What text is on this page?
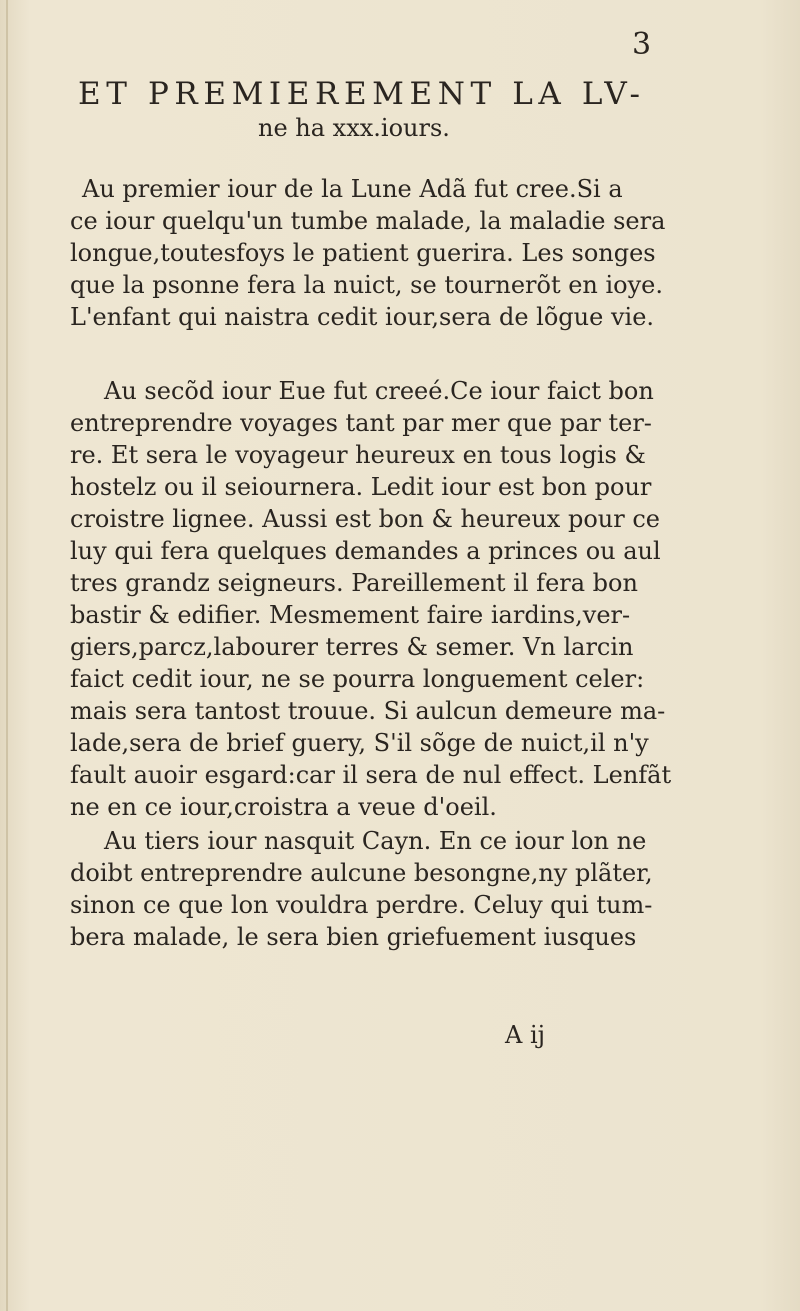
3
ET PREMIEREMENT LA LV-
ne ha xxx.iours.
Au premier iour de la Lune Adã fut cree.Si a
ce iour quelqu'un tumbe malade, la maladie sera
longue,toutesfoys le patient guerira. Les songes
que la psonne fera la nuict, se tournerõt en ioye.
L'enfant qui naistra cedit iour,sera de lõgue vie.
Au secõd iour Eue fut creeé.Ce iour faict bon
entreprendre voyages tant par mer que par ter-
re. Et sera le voyageur heureux en tous logis &
hostelz ou il seiournera. Ledit iour est bon pour
croistre lignee. Aussi est bon & heureux pour ce
luy qui fera quelques demandes a princes ou aul
tres grandz seigneurs. Pareillement il fera bon
bastir & edifier. Mesmement faire iardins,ver-
giers,parcz,labourer terres & semer. Vn larcin
faict cedit iour, ne se pourra longuement celer:
mais sera tantost trouue. Si aulcun demeure ma-
lade,sera de brief guery, S'il sõge de nuict,il n'y
fault auoir esgard:car il sera de nul effect. Lenfãt
ne en ce iour,croistra a veue d'oeil.
Au tiers iour nasquit Cayn. En ce iour lon ne
doibt entreprendre aulcune besongne,ny plãter,
sinon ce que lon vouldra perdre. Celuy qui tum-
bera malade, le sera bien griefuement iusques
A ij
